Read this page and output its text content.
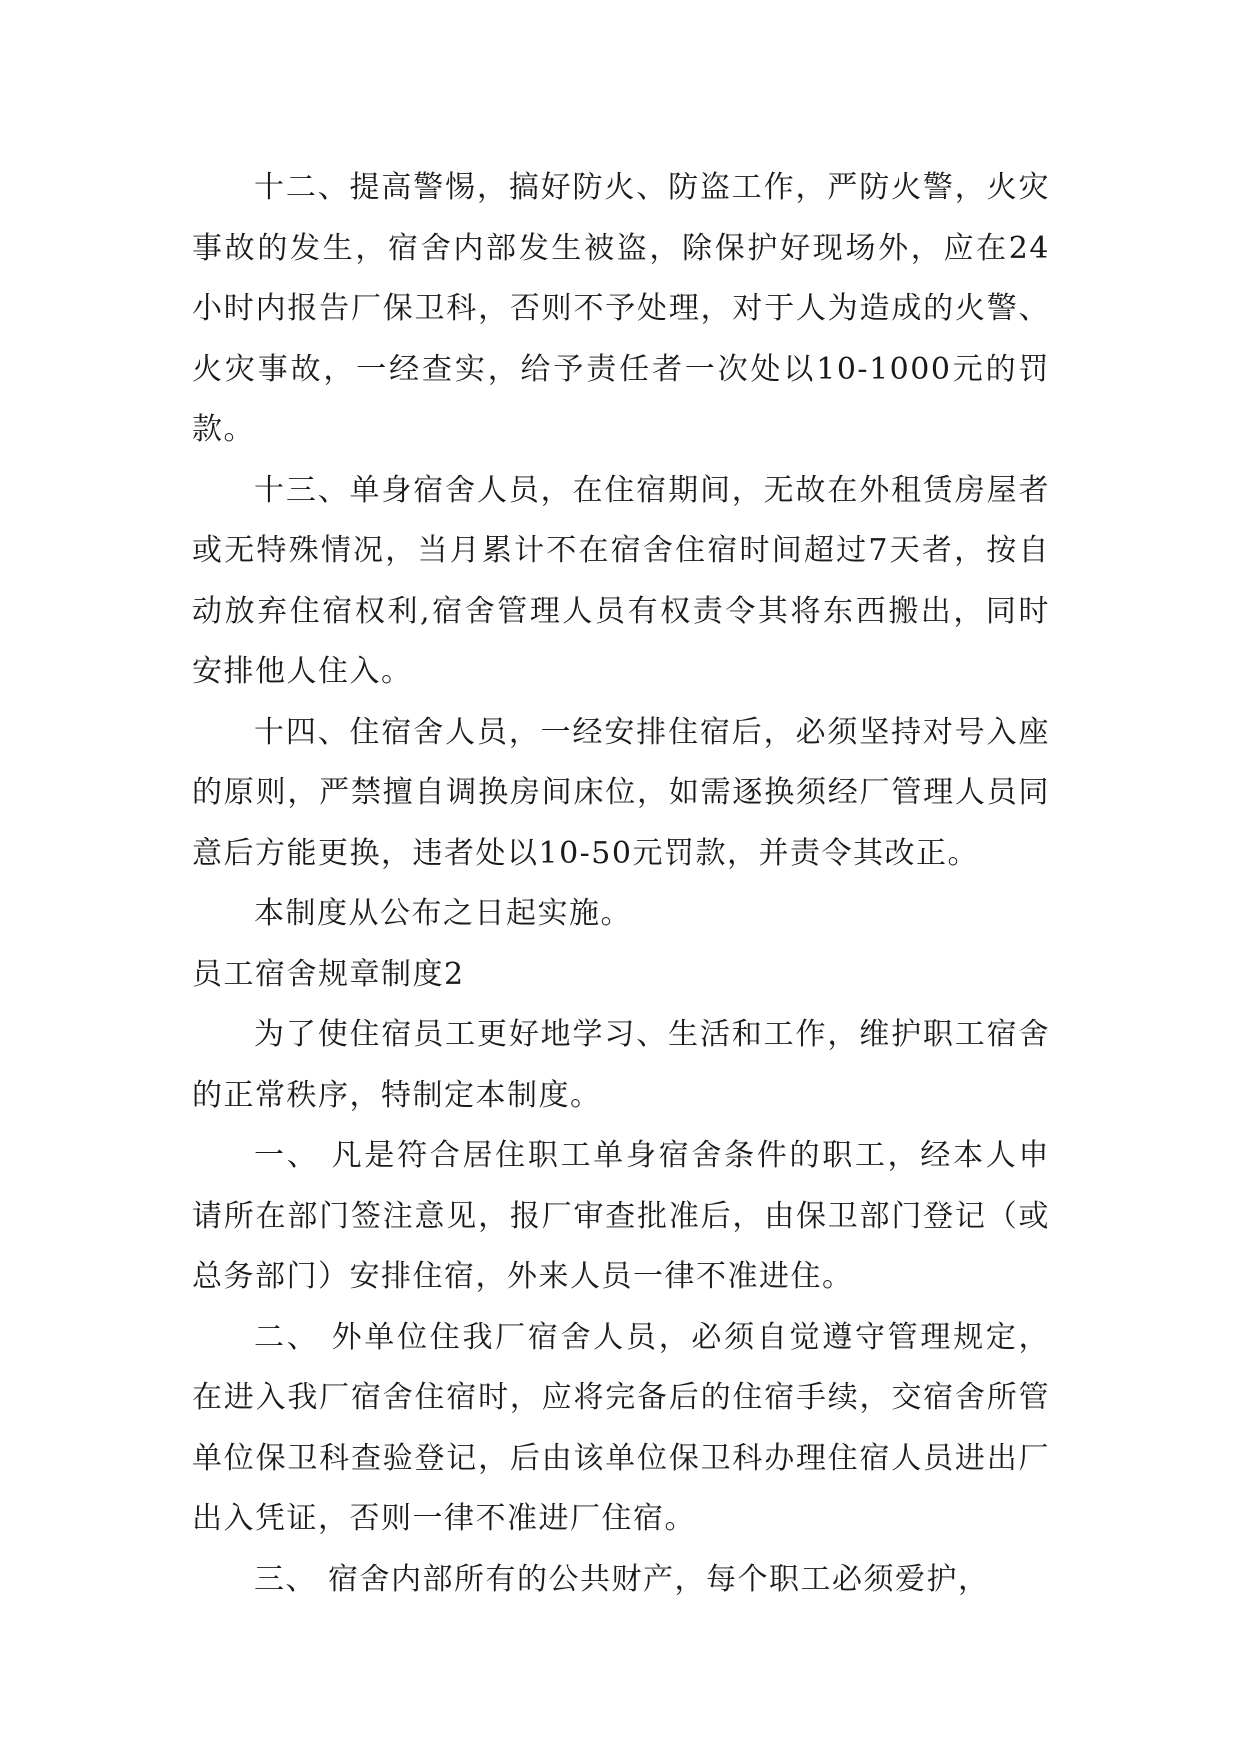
十二、提高警惕，搞好防火、防盗工作，严防火警，火灾事故的发生，宿舍内部发生被盗，除保护好现场外，应在24小时内报告厂保卫科，否则不予处理，对于人为造成的火警、火灾事故，一经查实，给予责任者一次处以10-1000元的罚款。

十三、单身宿舍人员，在住宿期间，无故在外租赁房屋者或无特殊情况，当月累计不在宿舍住宿时间超过7天者，按自动放弃住宿权利,宿舍管理人员有权责令其将东西搬出，同时安排他人住入。

十四、住宿舍人员，一经安排住宿后，必须坚持对号入座的原则，严禁擅自调换房间床位，如需逐换须经厂管理人员同意后方能更换，违者处以10-50元罚款，并责令其改正。

本制度从公布之日起实施。

员工宿舍规章制度2

为了使住宿员工更好地学习、生活和工作，维护职工宿舍的正常秩序，特制定本制度。

一、 凡是符合居住职工单身宿舍条件的职工，经本人申请所在部门签注意见，报厂审查批准后，由保卫部门登记（或总务部门）安排住宿，外来人员一律不准进住。

二、 外单位住我厂宿舍人员，必须自觉遵守管理规定，在进入我厂宿舍住宿时，应将完备后的住宿手续，交宿舍所管单位保卫科查验登记，后由该单位保卫科办理住宿人员进出厂出入凭证，否则一律不准进厂住宿。

三、 宿舍内部所有的公共财产，每个职工必须爱护，
